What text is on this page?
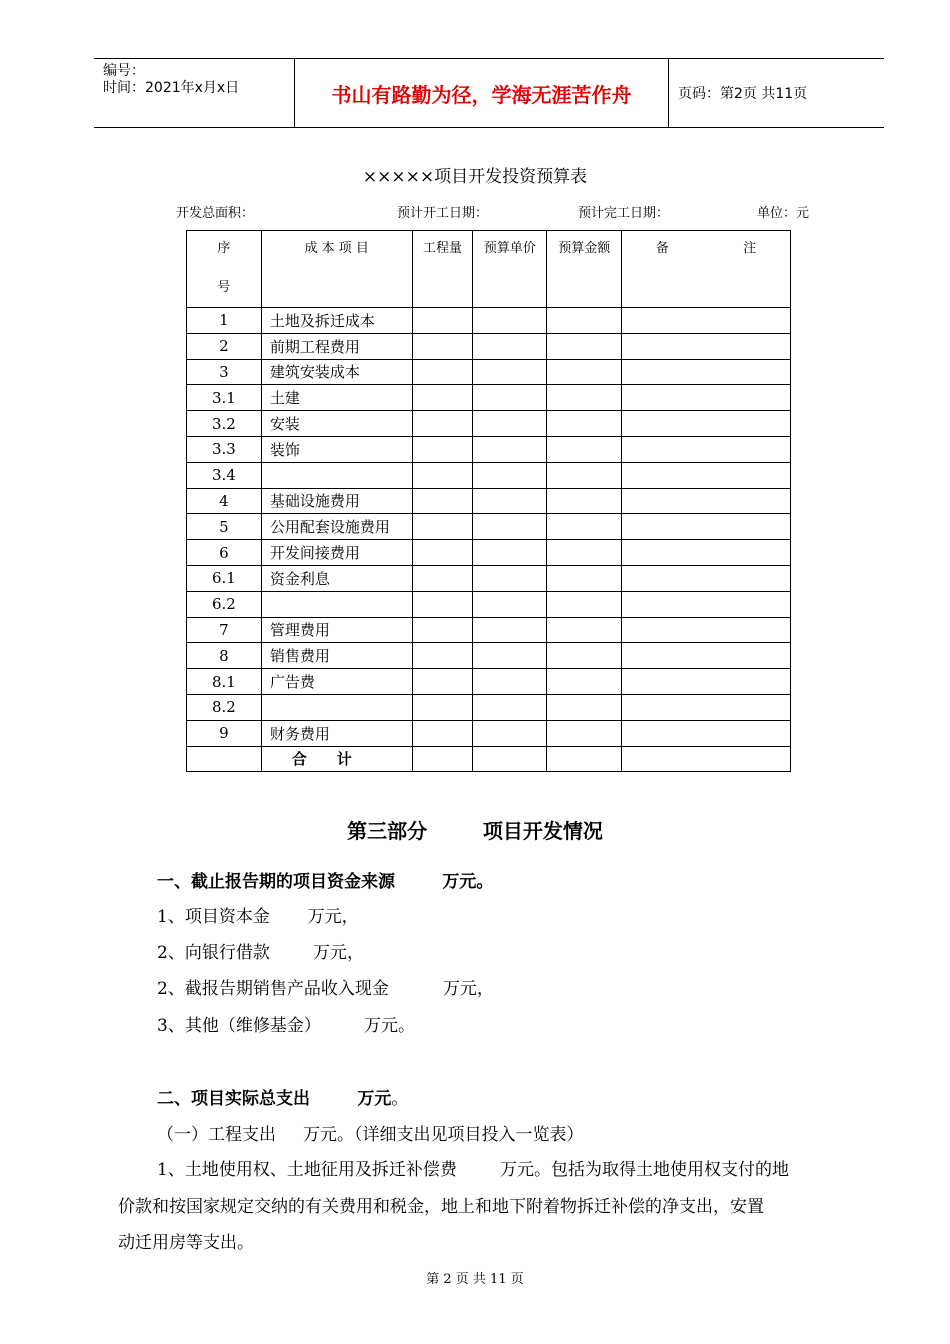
编号：
时间：2021年x月x日	书山有路勤为径，学海无涯苦作舟	页码：第2页 共11页
×××××项目开发投资预算表
开发总面积：	预计开工日期：	预计完工日期：	单位：元
序
号	成 本 项 目	工程量	预算单价	预算金额	备                  注
1	土地及拆迁成本				
2	前期工程费用				
3	建筑安装成本				
3.1	土建				
3.2	安装				
3.3	装饰				
3.4					
4	基础设施费用				
5	公用配套设施费用				
6	开发间接费用				
6.1	资金利息				
6.2					
7	管理费用				
8	销售费用				
8.1	广告费				
8.2					
9	财务费用				
	合计				
第三部分        项目开发情况
一、截止报告期的项目资金来源        万元。
1、项目资本金       万元，
2、向银行借款        万元，
2、截报告期销售产品收入现金          万元，
3、其他（维修基金）        万元。
二、项目实际总支出        万元。
（一）工程支出     万元。（详细支出见项目投入一览表）
1、土地使用权、土地征用及拆迁补偿费        万元。包括为取得土地使用权支付的地
价款和按国家规定交纳的有关费用和税金，地上和地下附着物拆迁补偿的净支出，安置
动迁用房等支出。
第 2 页 共 11 页
